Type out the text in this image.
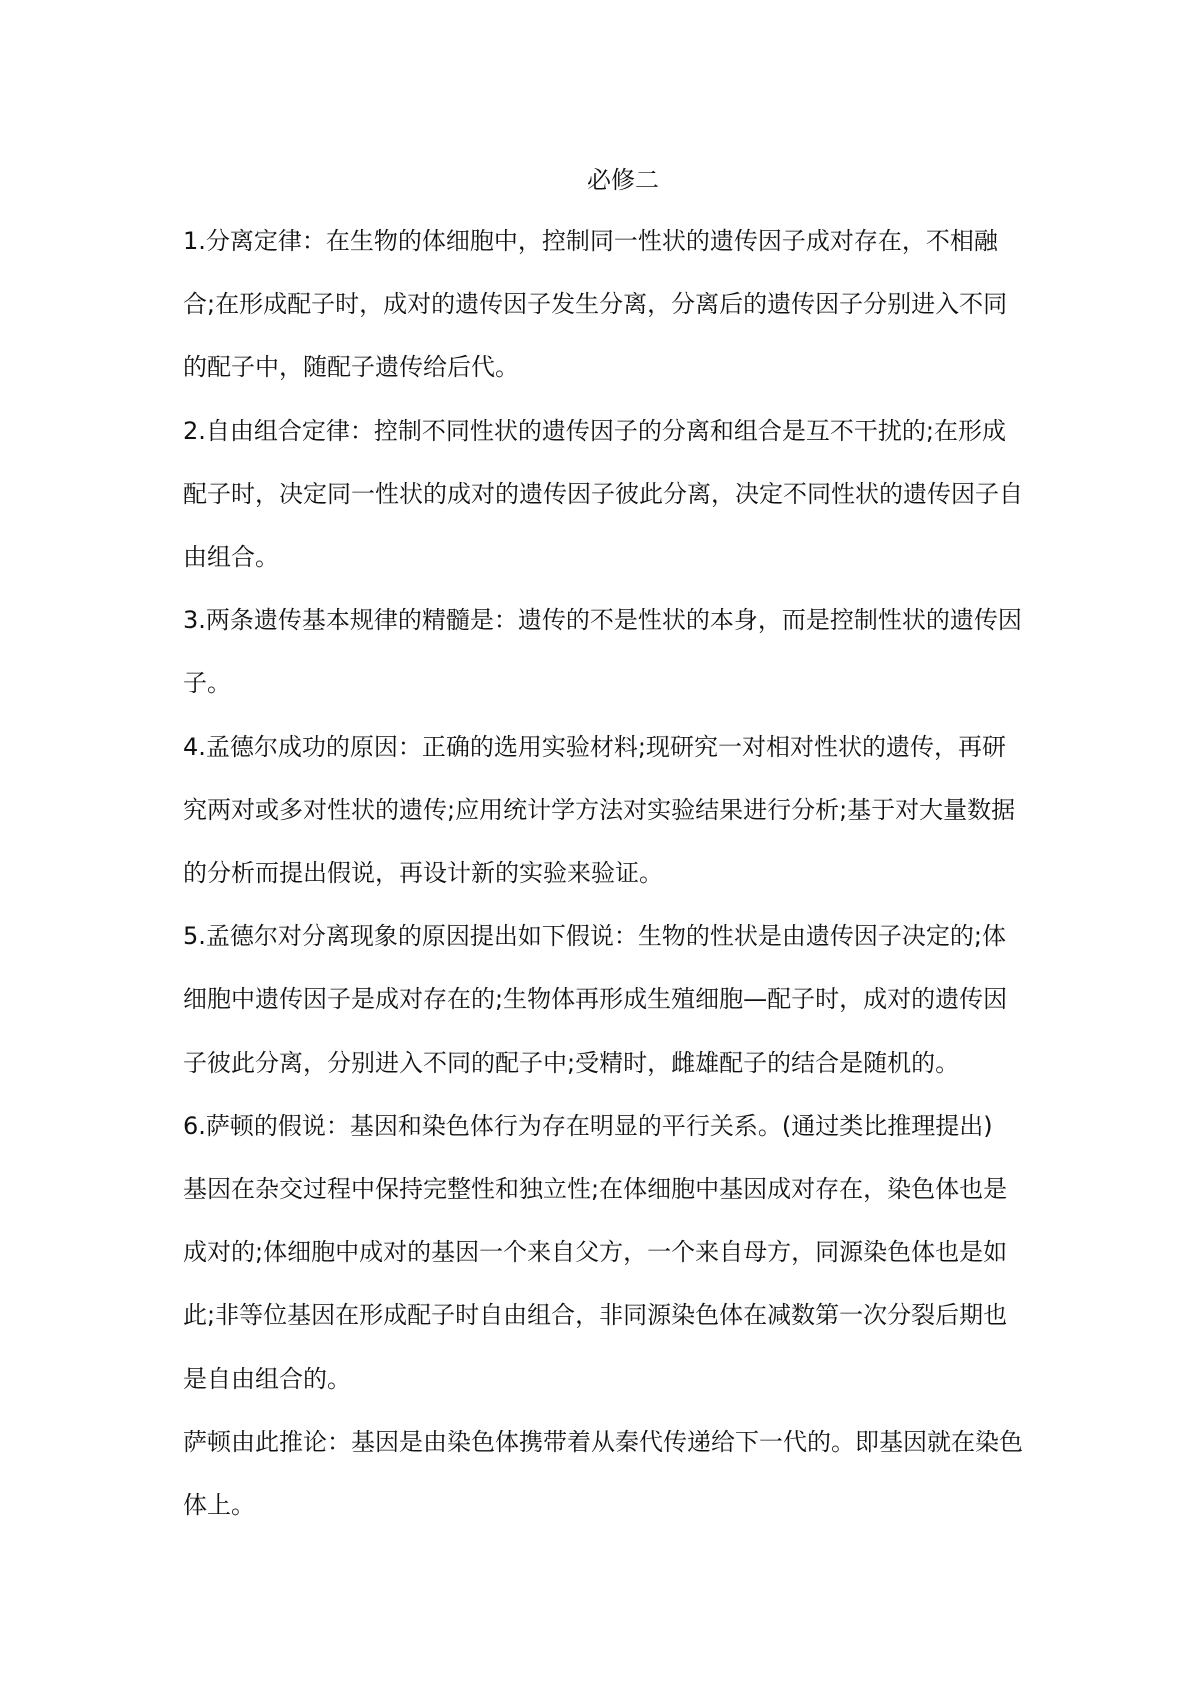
必修二

1.分离定律：在生物的体细胞中，控制同一性状的遗传因子成对存在，不相融合;在形成配子时，成对的遗传因子发生分离，分离后的遗传因子分别进入不同的配子中，随配子遗传给后代。

2.自由组合定律：控制不同性状的遗传因子的分离和组合是互不干扰的;在形成配子时，决定同一性状的成对的遗传因子彼此分离，决定不同性状的遗传因子自由组合。

3.两条遗传基本规律的精髓是：遗传的不是性状的本身，而是控制性状的遗传因子。

4.孟德尔成功的原因：正确的选用实验材料;现研究一对相对性状的遗传，再研究两对或多对性状的遗传;应用统计学方法对实验结果进行分析;基于对大量数据的分析而提出假说，再设计新的实验来验证。

5.孟德尔对分离现象的原因提出如下假说：生物的性状是由遗传因子决定的;体细胞中遗传因子是成对存在的;生物体再形成生殖细胞—配子时，成对的遗传因子彼此分离，分别进入不同的配子中;受精时，雌雄配子的结合是随机的。

6.萨顿的假说：基因和染色体行为存在明显的平行关系。(通过类比推理提出)

基因在杂交过程中保持完整性和独立性;在体细胞中基因成对存在，染色体也是成对的;体细胞中成对的基因一个来自父方，一个来自母方，同源染色体也是如此;非等位基因在形成配子时自由组合，非同源染色体在减数第一次分裂后期也是自由组合的。

萨顿由此推论：基因是由染色体携带着从秦代传递给下一代的。即基因就在染色体上。
